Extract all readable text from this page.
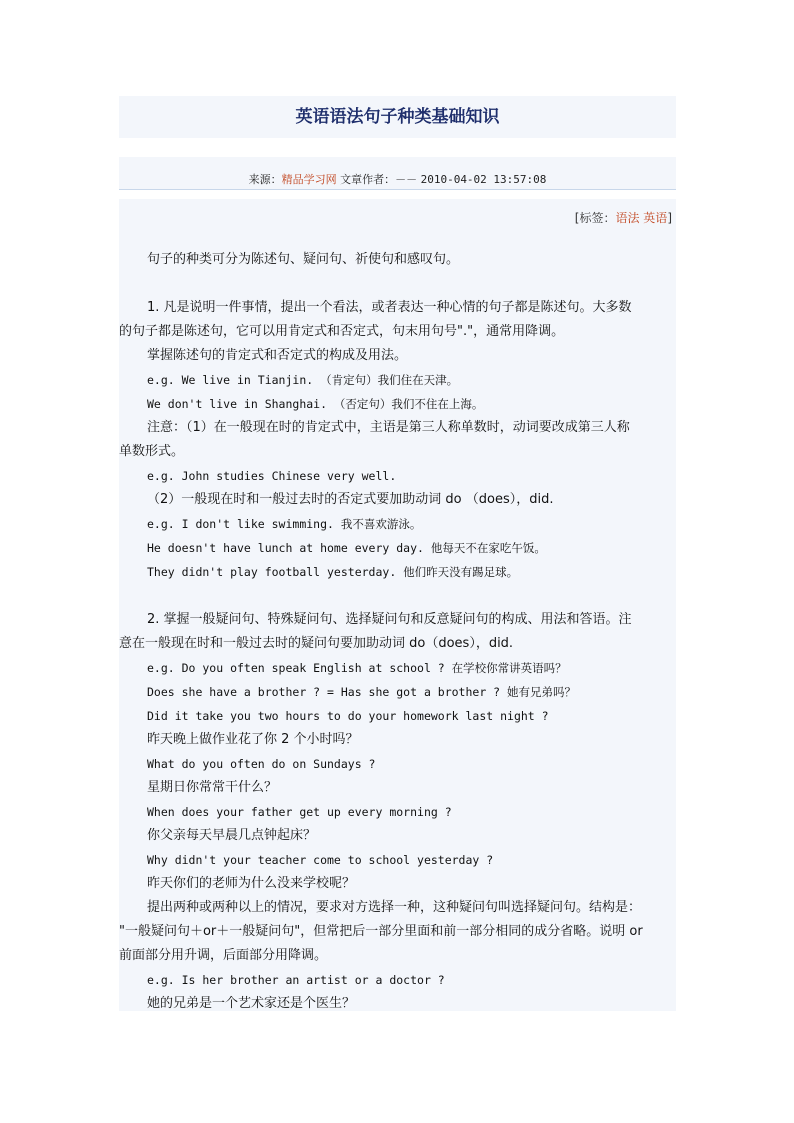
英语语法句子种类基础知识
来源：精品学习网 文章作者：－－ 2010-04-02 13:57:08
[标签：语法 英语]
句子的种类可分为陈述句、疑问句、祈使句和感叹句。
1. 凡是说明一件事情，提出一个看法，或者表达一种心情的句子都是陈述句。大多数
的句子都是陈述句，它可以用肯定式和否定式，句末用句号"."，通常用降调。
掌握陈述句的肯定式和否定式的构成及用法。
e.g. We live in Tianjin. （肯定句）我们住在天津。
We don't live in Shanghai. （否定句）我们不住在上海。
注意：（1）在一般现在时的肯定式中，主语是第三人称单数时，动词要改成第三人称
单数形式。
e.g. John studies Chinese very well.
（2）一般现在时和一般过去时的否定式要加助动词 do （does），did.
e.g. I don't like swimming. 我不喜欢游泳。
He doesn't have lunch at home every day. 他每天不在家吃午饭。
They didn't play football yesterday. 他们昨天没有踢足球。
2. 掌握一般疑问句、特殊疑问句、选择疑问句和反意疑问句的构成、用法和答语。注
意在一般现在时和一般过去时的疑问句要加助动词 do（does），did.
e.g. Do you often speak English at school ? 在学校你常讲英语吗？
Does she have a brother ? = Has she got a brother ? 她有兄弟吗？
Did it take you two hours to do your homework last night ?
昨天晚上做作业花了你 2 个小时吗？
What do you often do on Sundays ?
星期日你常常干什么？
When does your father get up every morning ?
你父亲每天早晨几点钟起床？
Why didn't your teacher come to school yesterday ?
昨天你们的老师为什么没来学校呢？
提出两种或两种以上的情况，要求对方选择一种，这种疑问句叫选择疑问句。结构是：
"一般疑问句＋or＋一般疑问句"，但常把后一部分里面和前一部分相同的成分省略。说明 or
前面部分用升调，后面部分用降调。
e.g. Is her brother an artist or a doctor ?
她的兄弟是一个艺术家还是个医生？
